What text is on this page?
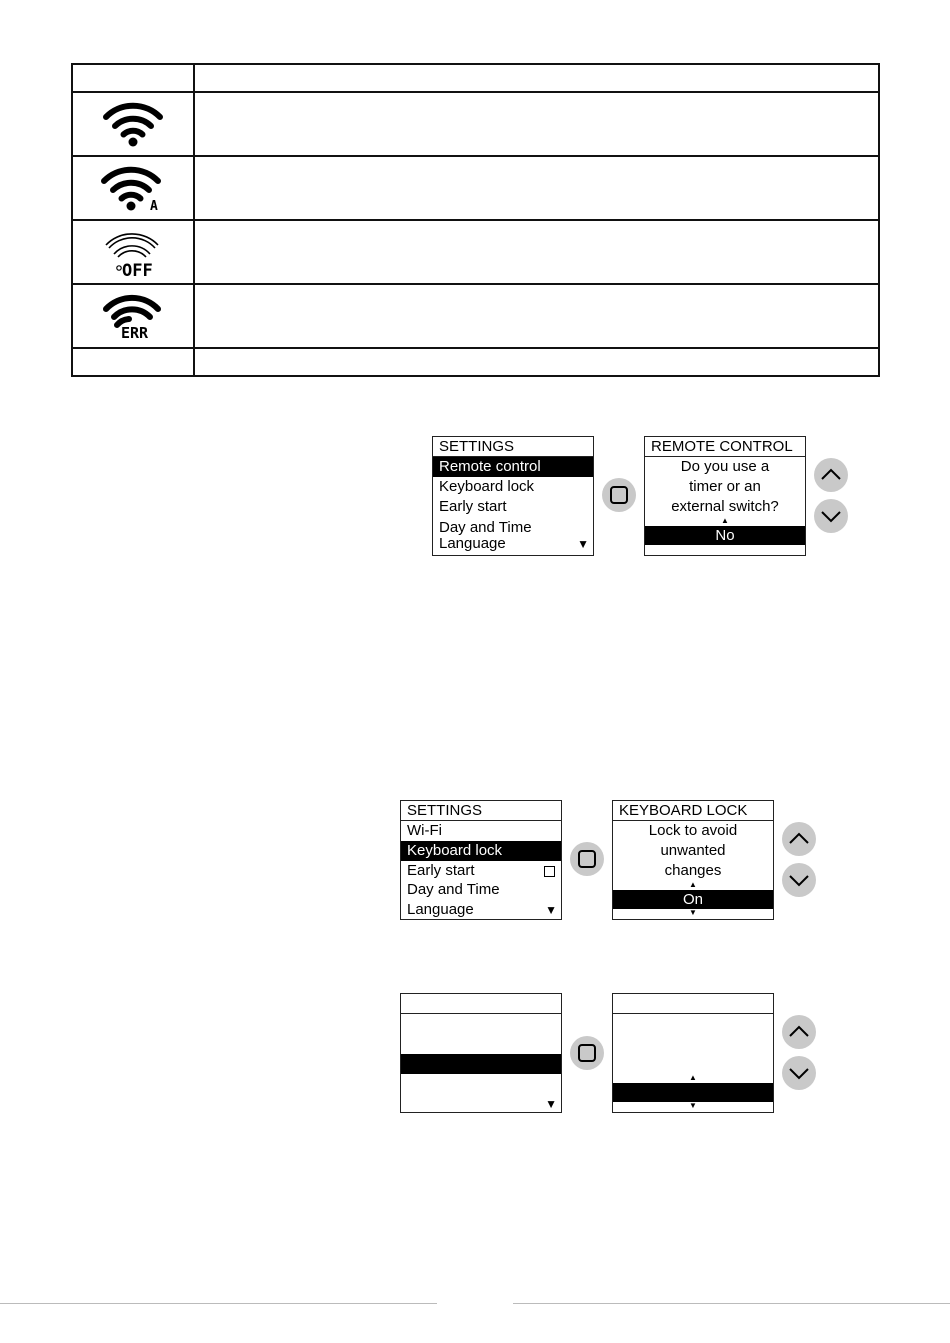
A	

OFF	

ERR	

SETTINGS
Remote control
Keyboard lock
Early start
Day and Time
Language	▼
REMOTE CONTROL
Do you use a
timer or an
external switch?
▲
No
SETTINGS
Wi-Fi
Keyboard lock
Early start
Day and Time
Language	▼
KEYBOARD LOCK
Lock to avoid
unwanted
changes
▲
On
▼
▼
▲
▼
